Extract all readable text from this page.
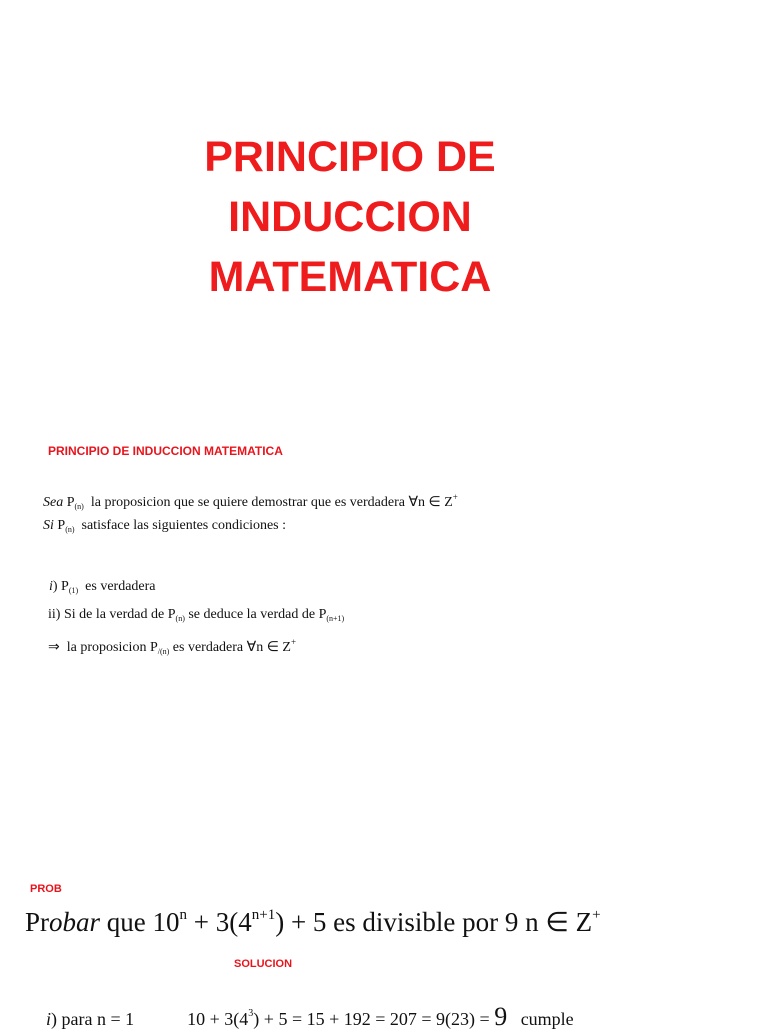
PRINCIPIO DE
INDUCCION
MATEMATICA
PRINCIPIO DE INDUCCION MATEMATICA
Sea $P_{(n)}$ la proposicion que se quiere demostrar que es verdadera ∀n ∈ Z+
Si $P_{(n)}$ satisface las siguientes condiciones :
i) $P_{(1)}$ es verdadera
ii) Si de la verdad de $P_{(n)}$ se deduce la verdad de $P_{(n+1)}$
⇒ la proposicion $P_{/(n)}$ es verdadera ∀n ∈ Z+
PROB
Probar que $10^n + 3(4^{n+1}) + 5$ es divisible por 9 n ∈ Z+
SOLUCION
i) para n = 1	$10 + 3(4^3) + 5 = 15 + 192 = 207 = 9(23) = 9$ cumple
